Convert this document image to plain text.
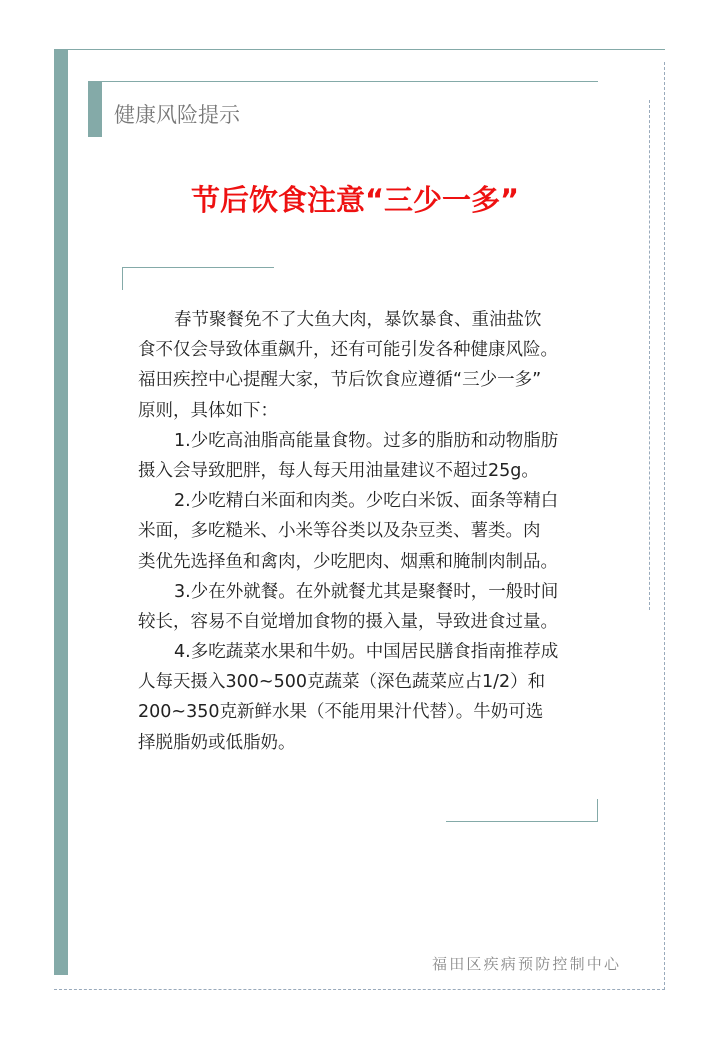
健康风险提示
节后饮食注意“三少一多”
春节聚餐免不了大鱼大肉，暴饮暴食、重油盐饮
食不仅会导致体重飙升，还有可能引发各种健康风险。
福田疾控中心提醒大家，节后饮食应遵循“三少一多”
原则，具体如下：
1.少吃高油脂高能量食物。过多的脂肪和动物脂肪
摄入会导致肥胖，每人每天用油量建议不超过25g。
2.少吃精白米面和肉类。少吃白米饭、面条等精白
米面，多吃糙米、小米等谷类以及杂豆类、薯类。肉
类优先选择鱼和禽肉，少吃肥肉、烟熏和腌制肉制品。
3.少在外就餐。在外就餐尤其是聚餐时，一般时间
较长，容易不自觉增加食物的摄入量，导致进食过量。
4.多吃蔬菜水果和牛奶。中国居民膳食指南推荐成
人每天摄入300~500克蔬菜（深色蔬菜应占1/2）和
200~350克新鲜水果（不能用果汁代替）。牛奶可选
择脱脂奶或低脂奶。
福田区疾病预防控制中心
